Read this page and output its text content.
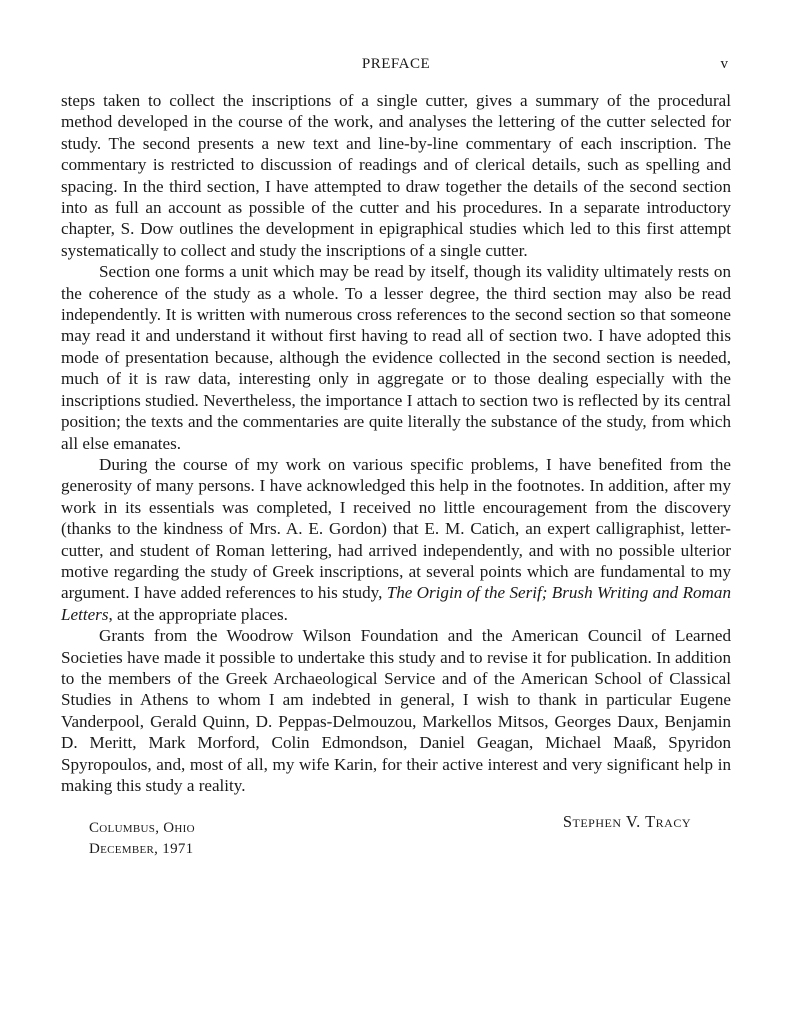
PREFACE	v

steps taken to collect the inscriptions of a single cutter, gives a summary of the procedural method developed in the course of the work, and analyses the lettering of the cutter selected for study. The second presents a new text and line-by-line commentary of each inscription. The commentary is restricted to discussion of readings and of clerical details, such as spelling and spacing. In the third section, I have attempted to draw together the details of the second section into as full an account as possible of the cutter and his procedures. In a separate introductory chapter, S. Dow outlines the development in epigraphical studies which led to this first attempt systematically to collect and study the inscriptions of a single cutter.

Section one forms a unit which may be read by itself, though its validity ultimately rests on the coherence of the study as a whole. To a lesser degree, the third section may also be read independently. It is written with numerous cross references to the second section so that someone may read it and understand it without first having to read all of section two. I have adopted this mode of presentation because, although the evidence collected in the second section is needed, much of it is raw data, interesting only in aggregate or to those dealing especially with the inscriptions studied. Nevertheless, the importance I attach to section two is reflected by its central position; the texts and the commentaries are quite literally the substance of the study, from which all else emanates.

During the course of my work on various specific problems, I have benefited from the generosity of many persons. I have acknowledged this help in the footnotes. In addition, after my work in its essentials was completed, I received no little encouragement from the discovery (thanks to the kindness of Mrs. A. E. Gordon) that E. M. Catich, an expert calligraphist, letter-cutter, and student of Roman lettering, had arrived independently, and with no possible ulterior motive regarding the study of Greek inscriptions, at several points which are fundamental to my argument. I have added references to his study, The Origin of the Serif; Brush Writing and Roman Letters, at the appropriate places.

Grants from the Woodrow Wilson Foundation and the American Council of Learned Societies have made it possible to undertake this study and to revise it for publication. In addition to the members of the Greek Archaeological Service and of the American School of Classical Studies in Athens to whom I am indebted in general, I wish to thank in particular Eugene Vanderpool, Gerald Quinn, D. Peppas-Delmouzou, Markellos Mitsos, Georges Daux, Benjamin D. Meritt, Mark Morford, Colin Edmondson, Daniel Geagan, Michael Maaß, Spyridon Spyropoulos, and, most of all, my wife Karin, for their active interest and very significant help in making this study a reality.

Columbus, Ohio
December, 1971
Stephen V. Tracy
